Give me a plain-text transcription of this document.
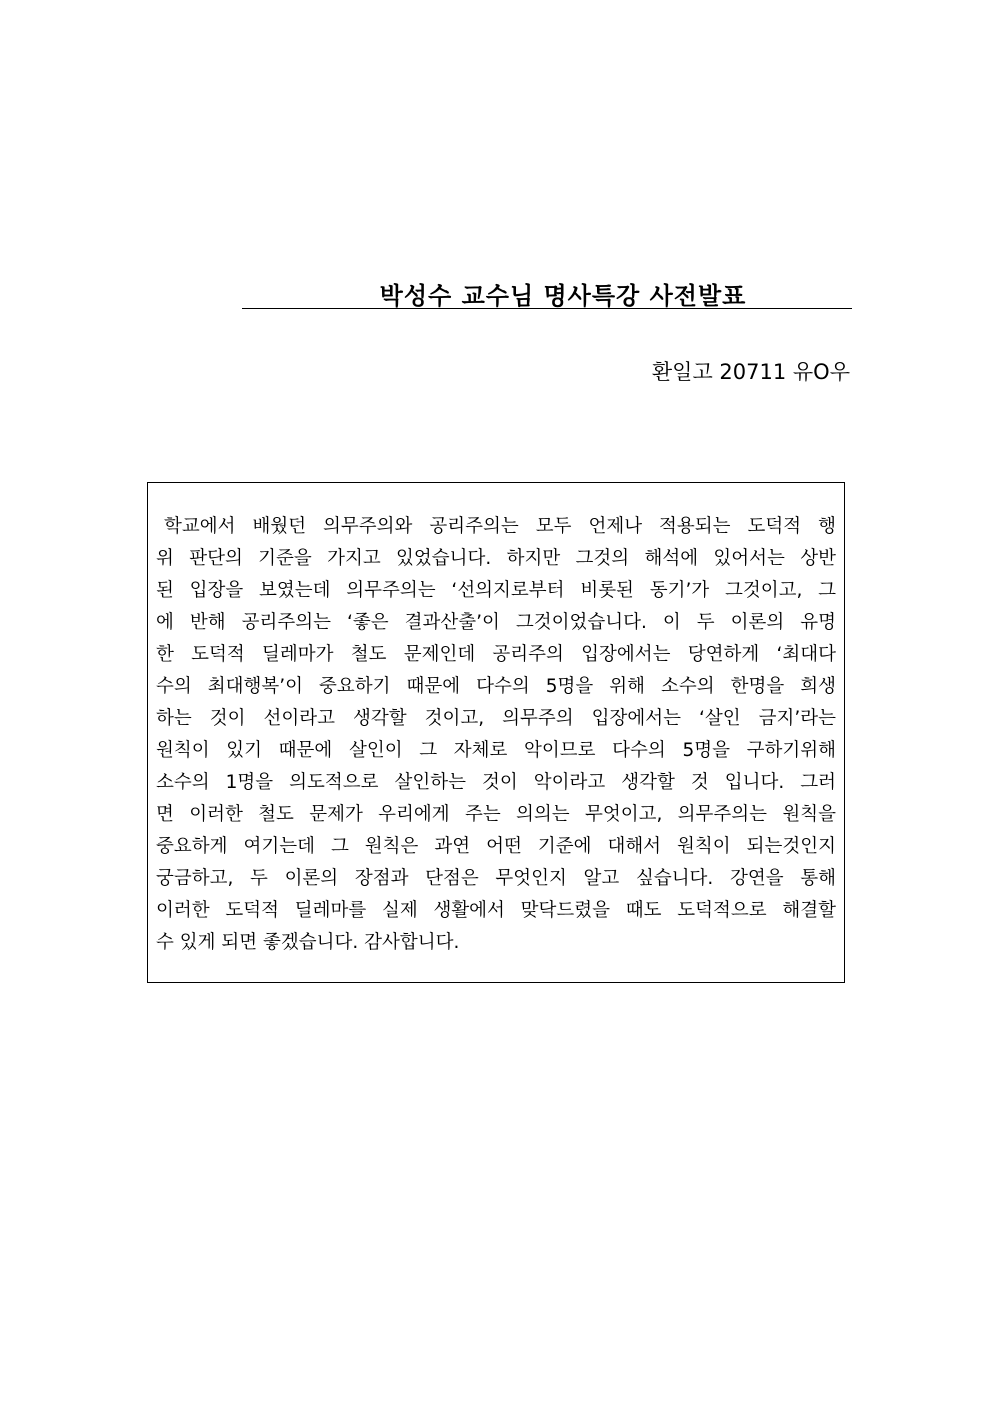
박성수 교수님 명사특강 사전발표
환일고 20711 유O우
학교에서 배웠던 의무주의와 공리주의는 모두 언제나 적용되는 도덕적 행
위 판단의 기준을 가지고 있었습니다. 하지만 그것의 해석에 있어서는 상반
된 입장을 보였는데 의무주의는 ‘선의지로부터 비롯된 동기’가 그것이고, 그
에 반해 공리주의는 ‘좋은 결과산출’이 그것이었습니다. 이 두 이론의 유명
한 도덕적 딜레마가 철도 문제인데 공리주의 입장에서는 당연하게 ‘최대다
수의 최대행복’이 중요하기 때문에 다수의 5명을 위해 소수의 한명을 희생
하는 것이 선이라고 생각할 것이고, 의무주의 입장에서는 ‘살인 금지’라는
원칙이 있기 때문에 살인이 그 자체로 악이므로 다수의 5명을 구하기위해
소수의 1명을 의도적으로 살인하는 것이 악이라고 생각할 것 입니다. 그러
면 이러한 철도 문제가 우리에게 주는 의의는 무엇이고, 의무주의는 원칙을
중요하게 여기는데 그 원칙은 과연 어떤 기준에 대해서 원칙이 되는것인지
궁금하고, 두 이론의 장점과 단점은 무엇인지 알고 싶습니다. 강연을 통해
이러한 도덕적 딜레마를 실제 생활에서 맞닥드렸을 때도 도덕적으로 해결할
수 있게 되면 좋겠습니다. 감사합니다.
